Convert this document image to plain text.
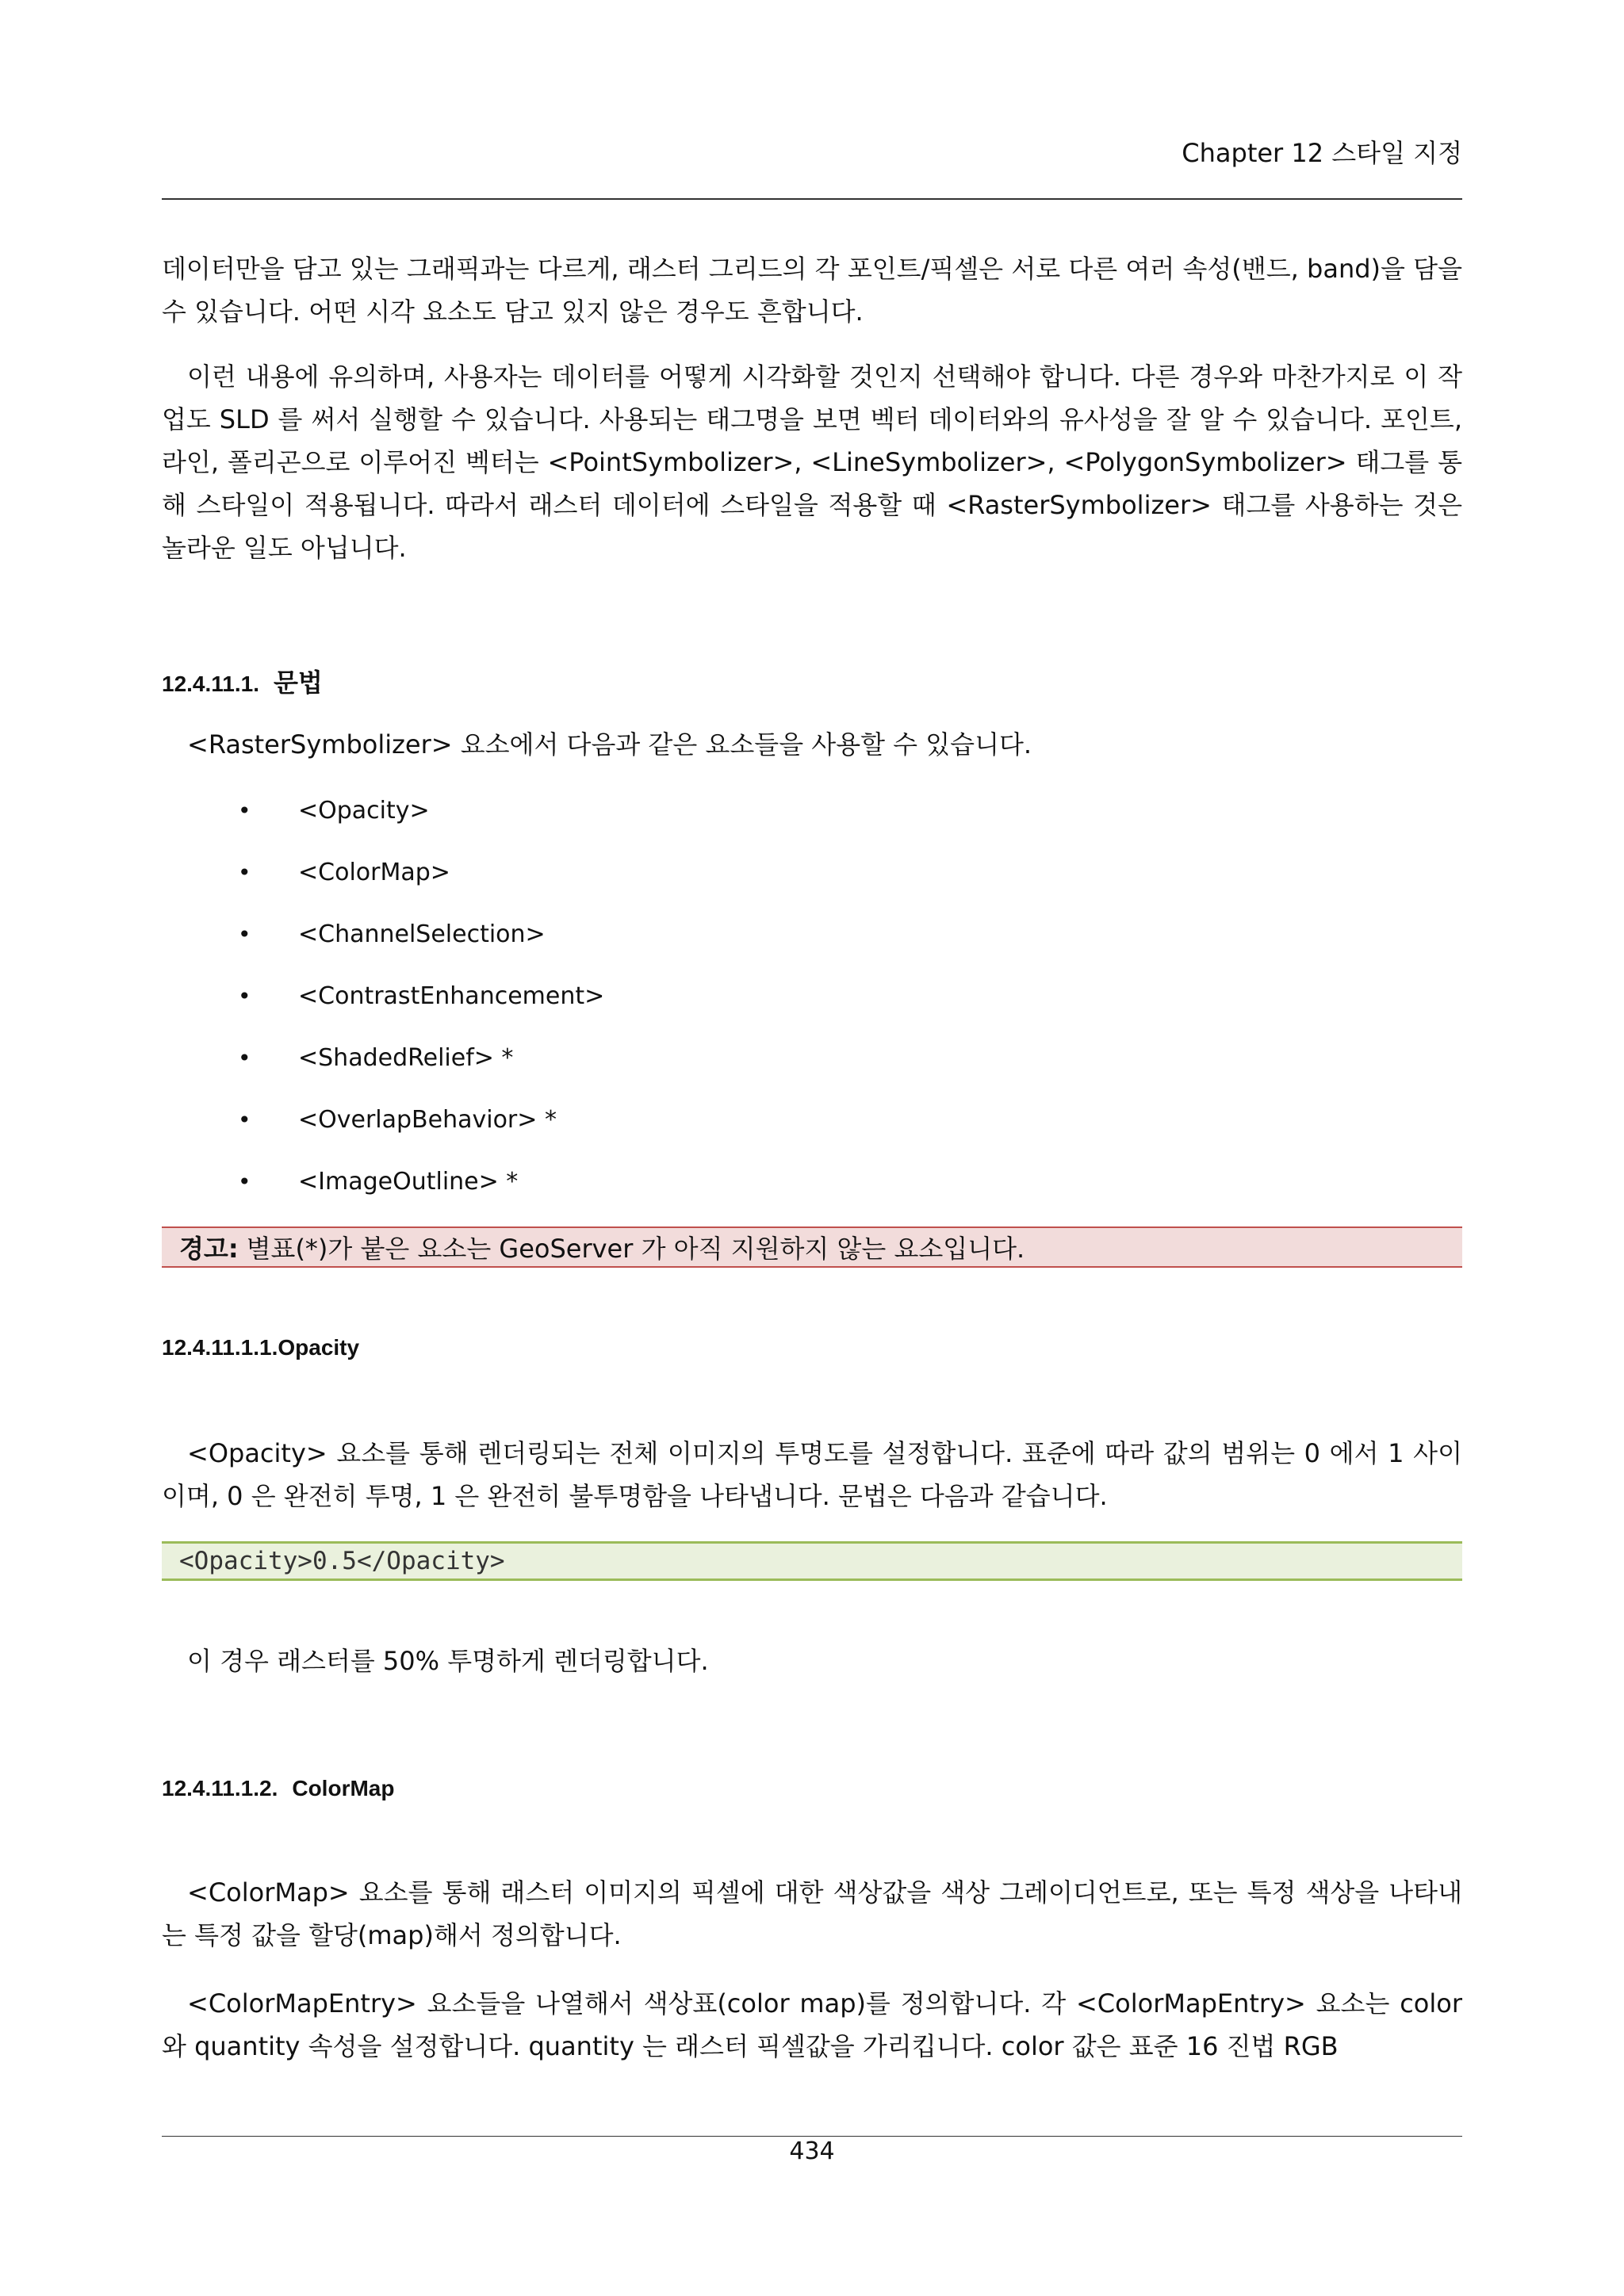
Chapter 12 스타일 지정

데이터만을 담고 있는 그래픽과는 다르게, 래스터 그리드의 각 포인트/픽셀은 서로 다른 여러 속성(밴드, band)을 담을 수 있습니다. 어떤 시각 요소도 담고 있지 않은 경우도 흔합니다.

이런 내용에 유의하며, 사용자는 데이터를 어떻게 시각화할 것인지 선택해야 합니다. 다른 경우와 마찬가지로 이 작업도 SLD 를 써서 실행할 수 있습니다. 사용되는 태그명을 보면 벡터 데이터와의 유사성을 잘 알 수 있습니다. 포인트, 라인, 폴리곤으로 이루어진 벡터는 <PointSymbolizer>, <LineSymbolizer>, <PolygonSymbolizer> 태그를 통해 스타일이 적용됩니다. 따라서 래스터 데이터에 스타일을 적용할 때 <RasterSymbolizer> 태그를 사용하는 것은 놀라운 일도 아닙니다.

12.4.11.1. 문법

<RasterSymbolizer> 요소에서 다음과 같은 요소들을 사용할 수 있습니다.

•	<Opacity>
•	<ColorMap>
•	<ChannelSelection>
•	<ContrastEnhancement>
•	<ShadedRelief> *
•	<OverlapBehavior> *
•	<ImageOutline> *
경고: 별표(*)가 붙은 요소는 GeoServer 가 아직 지원하지 않는 요소입니다.
12.4.11.1.1.Opacity

<Opacity> 요소를 통해 렌더링되는 전체 이미지의 투명도를 설정합니다. 표준에 따라 값의 범위는 0 에서 1 사이이며, 0 은 완전히 투명, 1 은 완전히 불투명함을 나타냅니다. 문법은 다음과 같습니다.

<Opacity>0.5</Opacity>

이 경우 래스터를 50% 투명하게 렌더링합니다.

12.4.11.1.2. ColorMap

<ColorMap> 요소를 통해 래스터 이미지의 픽셀에 대한 색상값을 색상 그레이디언트로, 또는 특정 색상을 나타내는 특정 값을 할당(map)해서 정의합니다.

<ColorMapEntry> 요소들을 나열해서 색상표(color map)를 정의합니다. 각 <ColorMapEntry> 요소는 color 와 quantity 속성을 설정합니다. quantity 는 래스터 픽셀값을 가리킵니다. color 값은 표준 16 진법 RGB

434
